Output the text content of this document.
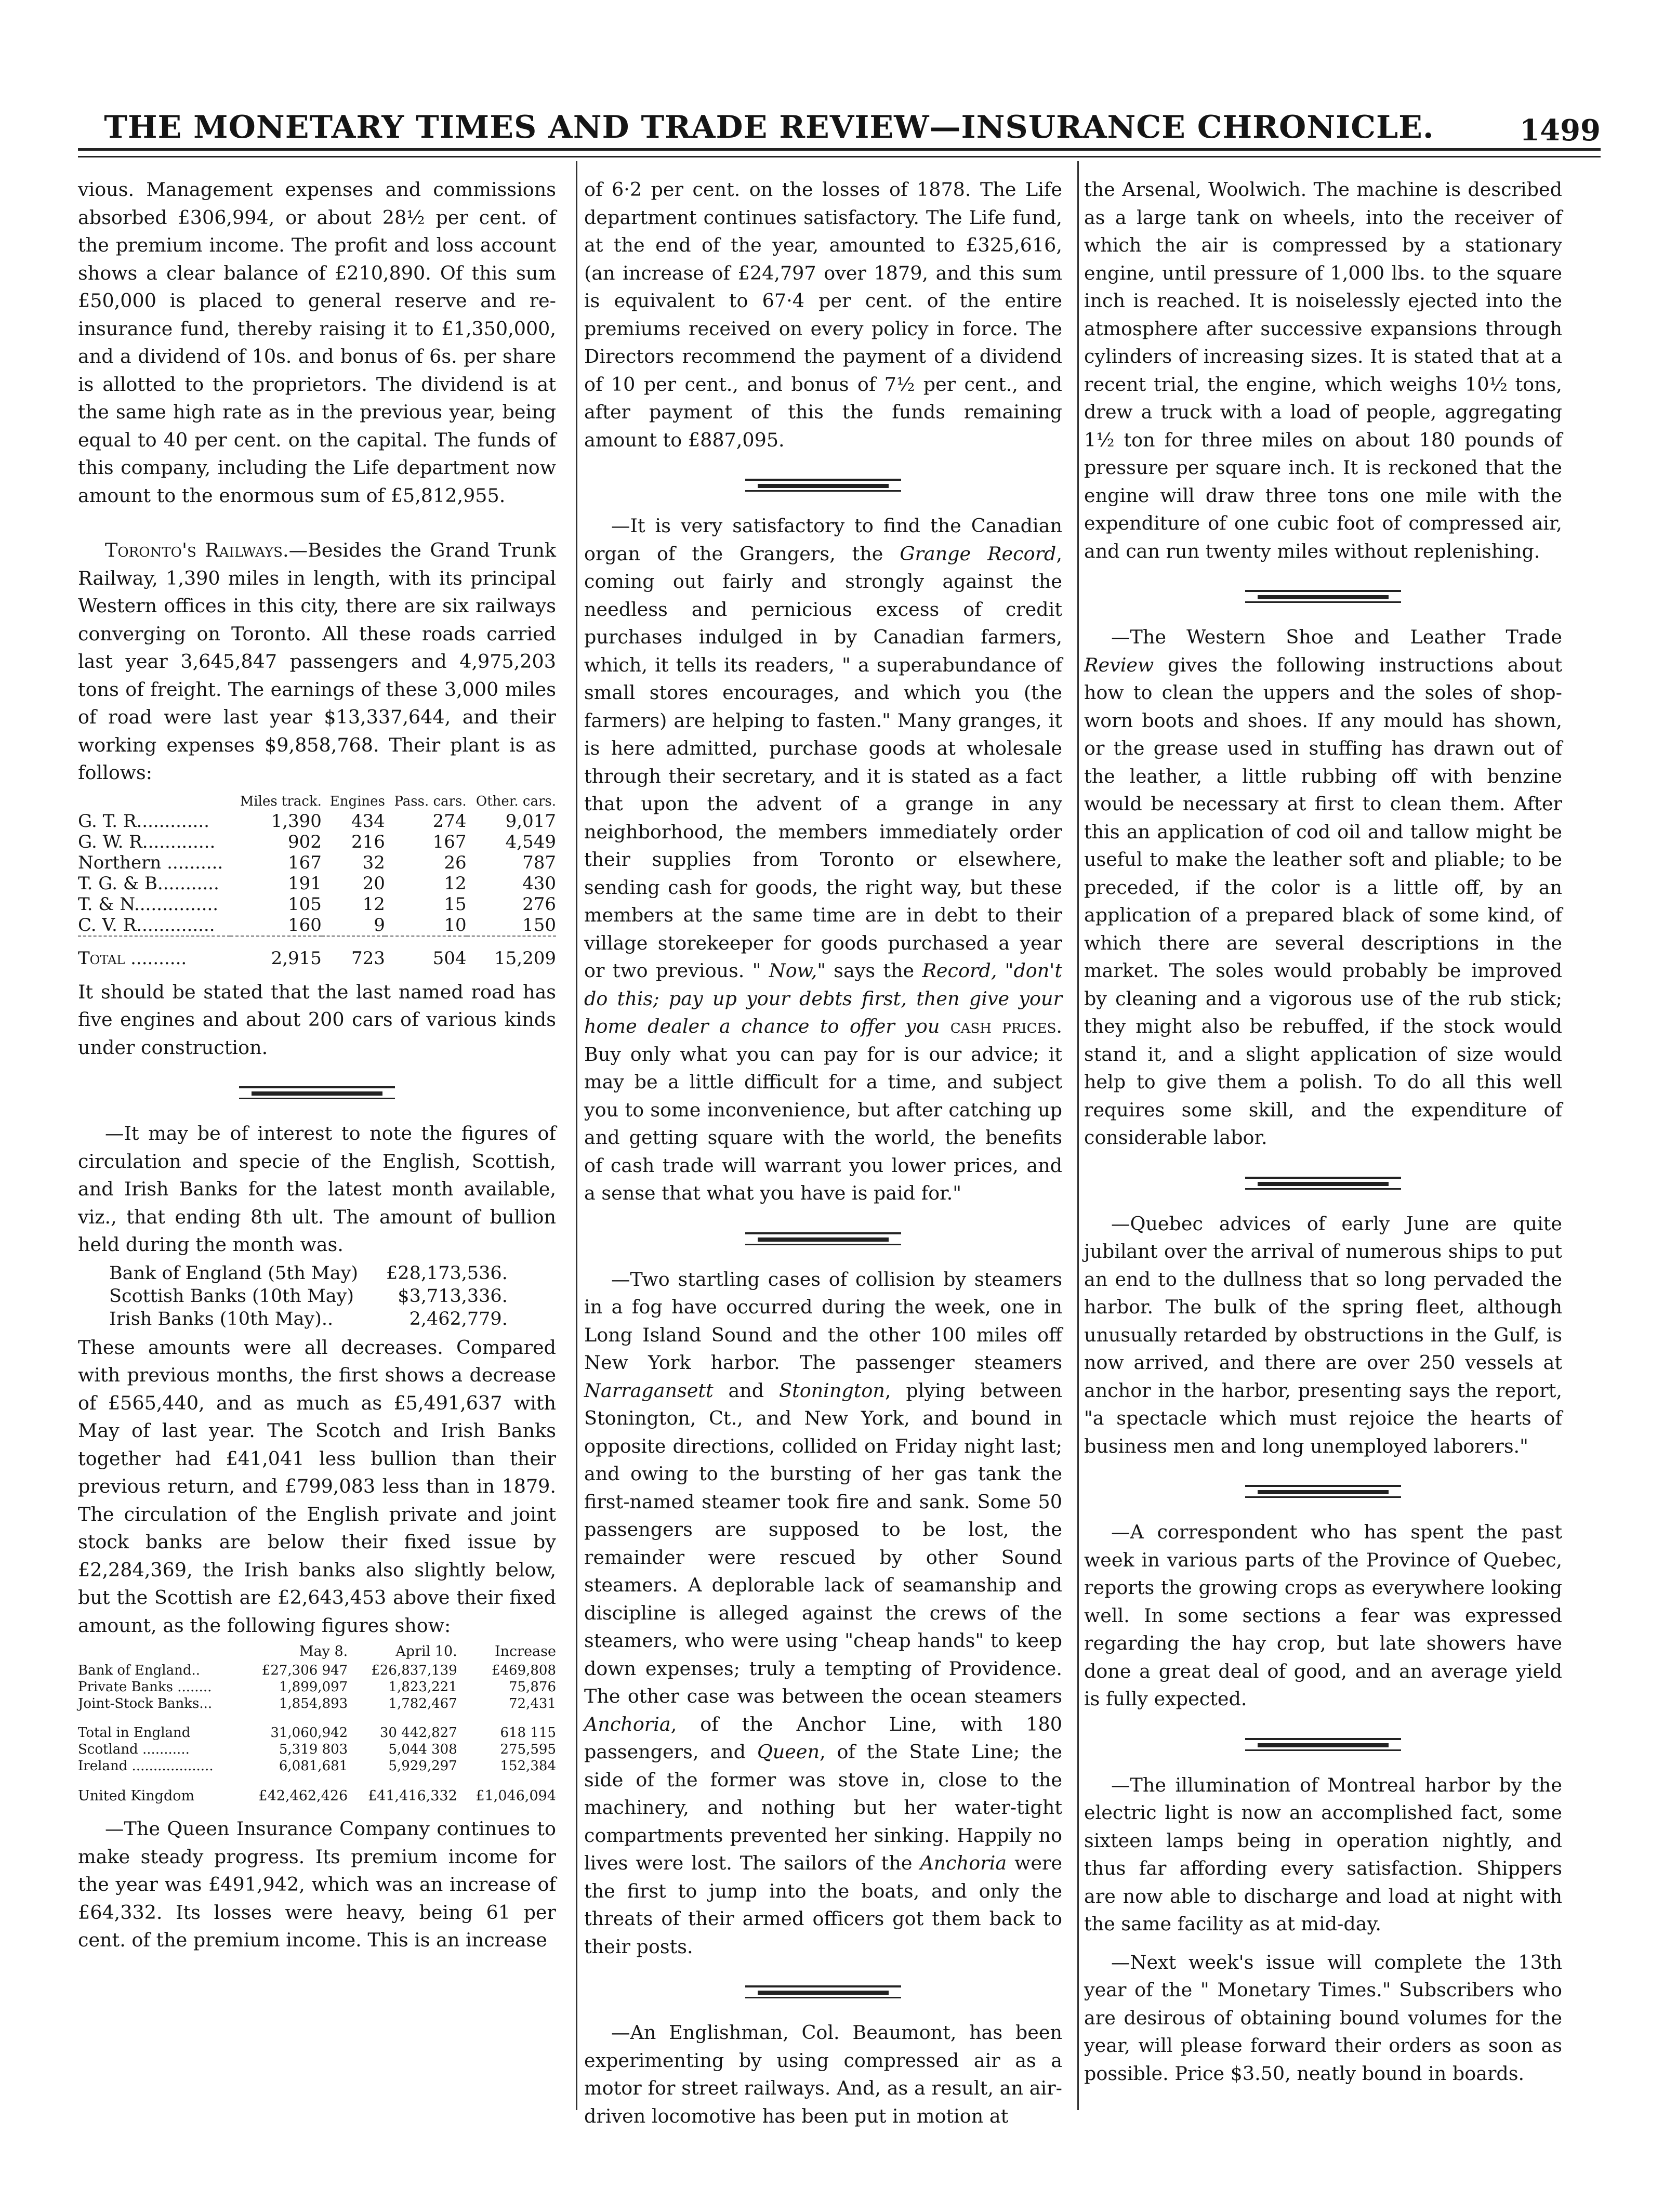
THE MONETARY TIMES AND TRADE REVIEW—INSURANCE CHRONICLE.	1499

vious. Management expenses and commissions absorbed £306,994, or about 28½ per cent. of the premium income. The profit and loss account shows a clear balance of £210,890. Of this sum £50,000 is placed to general reserve and re-insurance fund, thereby raising it to £1,350,000, and a dividend of 10s. and bonus of 6s. per share is allotted to the proprietors. The dividend is at the same high rate as in the previous year, being equal to 40 per cent. on the capital. The funds of this company, including the Life department now amount to the enormous sum of £5,812,955.

Toronto's Railways.—Besides the Grand Trunk Railway, 1,390 miles in length, with its principal Western offices in this city, there are six railways converging on Toronto. All these roads carried last year 3,645,847 passengers and 4,975,203 tons of freight. The earnings of these 3,000 miles of road were last year $13,337,644, and their working expenses $9,858,768. Their plant is as follows:

	Miles track.	Engines	Pass. cars.	Other. cars.
G. T. R.............	1,390	434	274	9,017
G. W. R.............	902	216	167	4,549
Northern ..........	167	32	26	787
T. G. & B...........	191	20	12	430
T. & N...............	105	12	15	276
C. V. R..............	160	9	10	150
Total ..........	2,915	723	504	15,209

It should be stated that the last named road has five engines and about 200 cars of various kinds under construction.

—It may be of interest to note the figures of circulation and specie of the English, Scottish, and Irish Banks for the latest month available, viz., that ending 8th ult. The amount of bullion held during the month was.

Bank of England (5th May)	£28,173,536.
Scottish Banks (10th May)	$3,713,336.
Irish Banks (10th May)..	2,462,779.

These amounts were all decreases. Compared with previous months, the first shows a decrease of £565,440, and as much as £5,491,637 with May of last year. The Scotch and Irish Banks together had £41,041 less bullion than their previous return, and £799,083 less than in 1879. The circulation of the English private and joint stock banks are below their fixed issue by £2,284,369, the Irish banks also slightly below, but the Scottish are £2,643,453 above their fixed amount, as the following figures show:

	May 8.	April 10.	Increase
Bank of England..	£27,306 947	£26,837,139	£469,808
Private Banks ........	1,899,097	1,823,221	75,876
Joint-Stock Banks...	1,854,893	1,782,467	72,431
Total in England	31,060,942	30 442,827	618 115
Scotland ...........	5,319 803	5,044 308	275,595
Ireland ...................	6,081,681	5,929,297	152,384
United Kingdom	£42,462,426	£41,416,332	£1,046,094

—The Queen Insurance Company continues to make steady progress. Its premium income for the year was £491,942, which was an increase of £64,332. Its losses were heavy, being 61 per cent. of the premium income. This is an increase

of 6·2 per cent. on the losses of 1878. The Life department continues satisfactory. The Life fund, at the end of the year, amounted to £325,616, (an increase of £24,797 over 1879, and this sum is equivalent to 67·4 per cent. of the entire premiums received on every policy in force. The Directors recommend the payment of a dividend of 10 per cent., and bonus of 7½ per cent., and after payment of this the funds remaining amount to £887,095.

—It is very satisfactory to find the Canadian organ of the Grangers, the Grange Record, coming out fairly and strongly against the needless and pernicious excess of credit purchases indulged in by Canadian farmers, which, it tells its readers, " a superabundance of small stores encourages, and which you (the farmers) are helping to fasten." Many granges, it is here admitted, purchase goods at wholesale through their secretary, and it is stated as a fact that upon the advent of a grange in any neighborhood, the members immediately order their supplies from Toronto or elsewhere, sending cash for goods, the right way, but these members at the same time are in debt to their village storekeeper for goods purchased a year or two previous. " Now," says the Record, "don't do this; pay up your debts first, then give your home dealer a chance to offer you cash prices. Buy only what you can pay for is our advice; it may be a little difficult for a time, and subject you to some inconvenience, but after catching up and getting square with the world, the benefits of cash trade will warrant you lower prices, and a sense that what you have is paid for."

—Two startling cases of collision by steamers in a fog have occurred during the week, one in Long Island Sound and the other 100 miles off New York harbor. The passenger steamers Narragansett and Stonington, plying between Stonington, Ct., and New York, and bound in opposite directions, collided on Friday night last; and owing to the bursting of her gas tank the first-named steamer took fire and sank. Some 50 passengers are supposed to be lost, the remainder were rescued by other Sound steamers. A deplorable lack of seamanship and discipline is alleged against the crews of the steamers, who were using "cheap hands" to keep down expenses; truly a tempting of Providence. The other case was between the ocean steamers Anchoria, of the Anchor Line, with 180 passengers, and Queen, of the State Line; the side of the former was stove in, close to the machinery, and nothing but her water-tight compartments prevented her sinking. Happily no lives were lost. The sailors of the Anchoria were the first to jump into the boats, and only the threats of their armed officers got them back to their posts.

—An Englishman, Col. Beaumont, has been experimenting by using compressed air as a motor for street railways. And, as a result, an air-driven locomotive has been put in motion at

the Arsenal, Woolwich. The machine is described as a large tank on wheels, into the receiver of which the air is compressed by a stationary engine, until pressure of 1,000 lbs. to the square inch is reached. It is noiselessly ejected into the atmosphere after successive expansions through cylinders of increasing sizes. It is stated that at a recent trial, the engine, which weighs 10½ tons, drew a truck with a load of people, aggregating 1½ ton for three miles on about 180 pounds of pressure per square inch. It is reckoned that the engine will draw three tons one mile with the expenditure of one cubic foot of compressed air, and can run twenty miles without replenishing.

—The Western Shoe and Leather Trade Review gives the following instructions about how to clean the uppers and the soles of shop-worn boots and shoes. If any mould has shown, or the grease used in stuffing has drawn out of the leather, a little rubbing off with benzine would be necessary at first to clean them. After this an application of cod oil and tallow might be useful to make the leather soft and pliable; to be preceded, if the color is a little off, by an application of a prepared black of some kind, of which there are several descriptions in the market. The soles would probably be improved by cleaning and a vigorous use of the rub stick; they might also be rebuffed, if the stock would stand it, and a slight application of size would help to give them a polish. To do all this well requires some skill, and the expenditure of considerable labor.

—Quebec advices of early June are quite jubilant over the arrival of numerous ships to put an end to the dullness that so long pervaded the harbor. The bulk of the spring fleet, although unusually retarded by obstructions in the Gulf, is now arrived, and there are over 250 vessels at anchor in the harbor, presenting says the report, "a spectacle which must rejoice the hearts of business men and long unemployed laborers."

—A correspondent who has spent the past week in various parts of the Province of Quebec, reports the growing crops as everywhere looking well. In some sections a fear was expressed regarding the hay crop, but late showers have done a great deal of good, and an average yield is fully expected.

—The illumination of Montreal harbor by the electric light is now an accomplished fact, some sixteen lamps being in operation nightly, and thus far affording every satisfaction. Shippers are now able to discharge and load at night with the same facility as at mid-day.

—Next week's issue will complete the 13th year of the " Monetary Times." Subscribers who are desirous of obtaining bound volumes for the year, will please forward their orders as soon as possible. Price $3.50, neatly bound in boards.
